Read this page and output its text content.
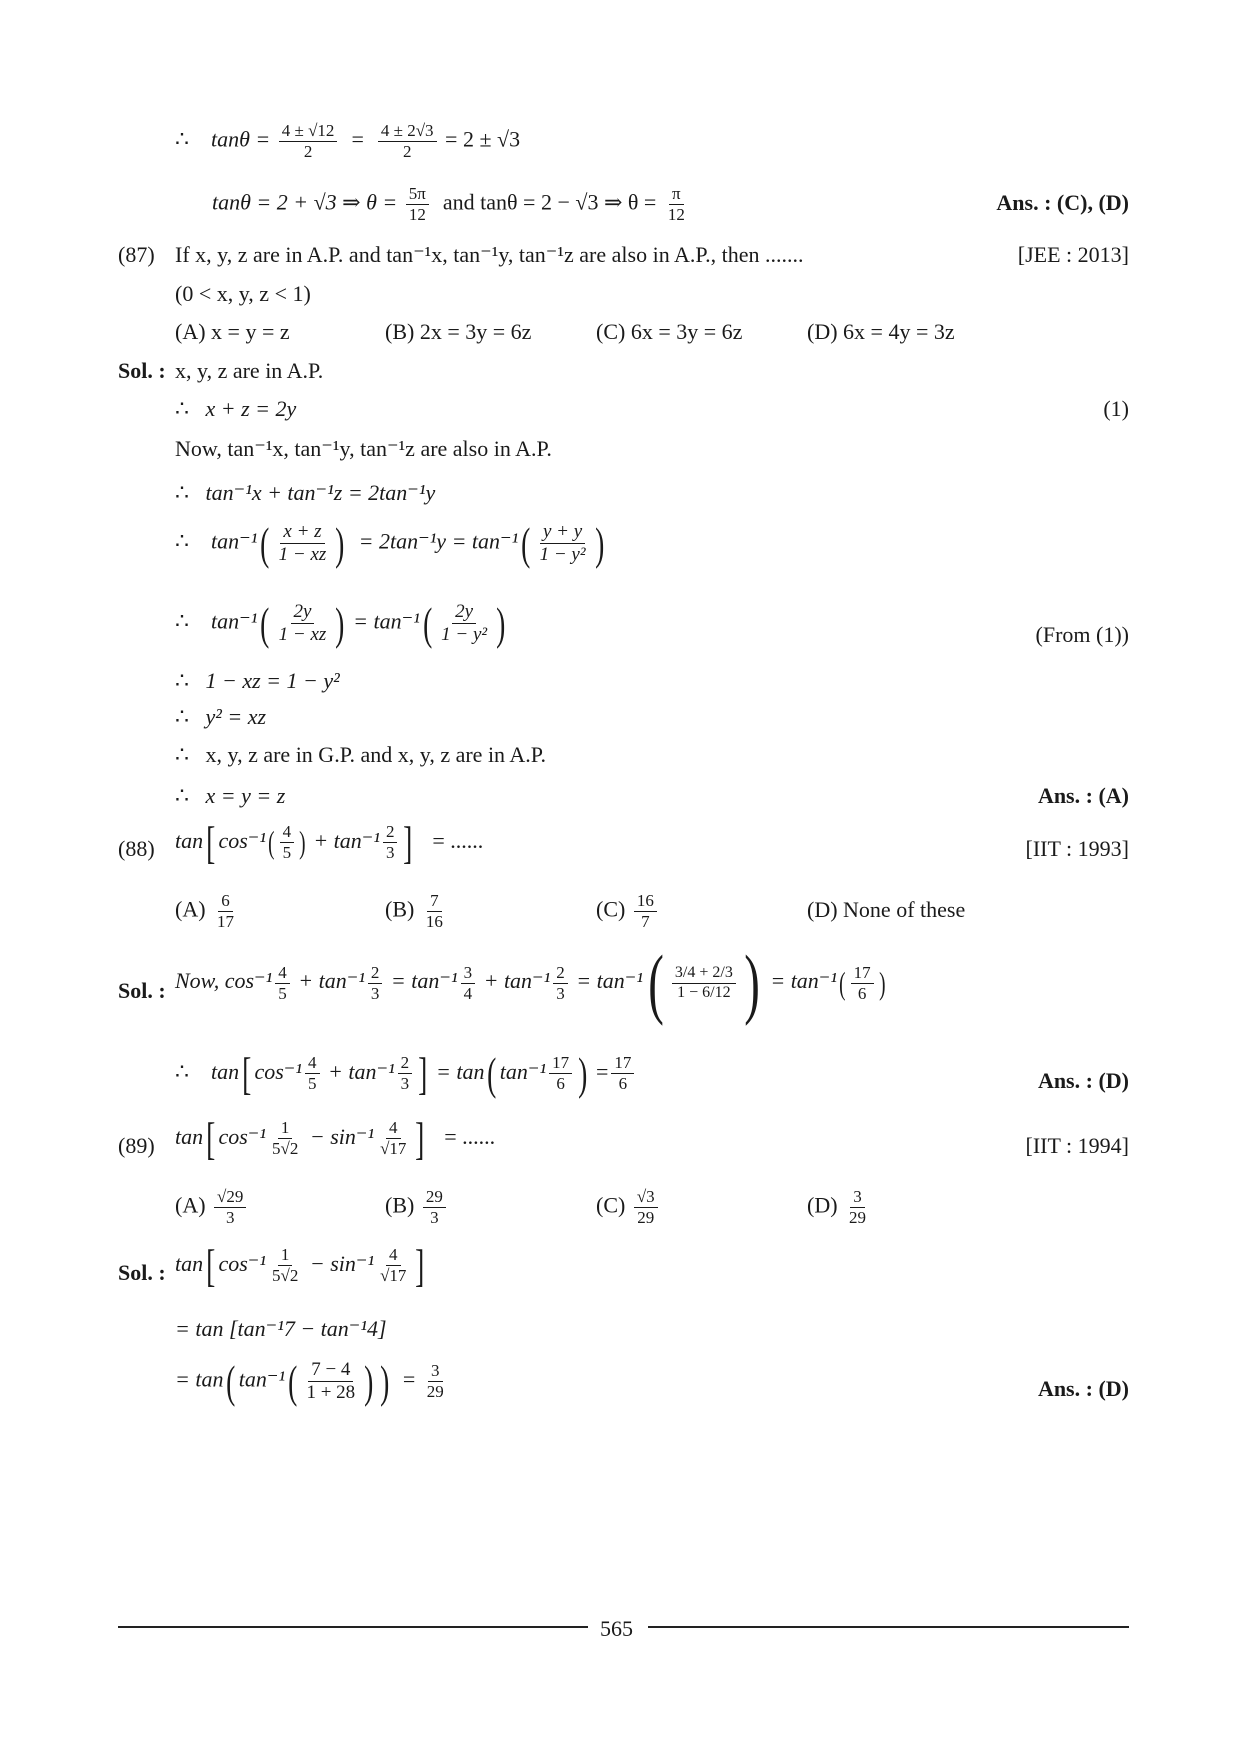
∴ $\tan\theta = \frac{4 \pm √12}{2} = \frac{4 \pm 2√3}{2} = 2 \pm √3$
tanθ = 2 + √3 ⇒ $\theta = \frac{5\pi}{12}$ and tanθ = 2 − √3 ⇒ $\theta = \frac{\pi}{12}$	Ans. : (C), (D)
(87) If x, y, z are in A.P. and tan⁻¹x, tan⁻¹y, tan⁻¹z are also in A.P., then .......	[JEE : 2013]
(0 < x, y, z < 1)
(A) x = y = z	(B) 2x = 3y = 6z	(C) 6x = 3y = 6z	(D) 6x = 4y = 3z
Sol. : x, y, z are in A.P.
∴ x + z = 2y	(1)
Now, tan⁻¹x, tan⁻¹y, tan⁻¹z are also in A.P.
∴ tan⁻¹x + tan⁻¹z = 2tan⁻¹y
∴ $\tan^{-1}( \frac{x + z}{1 - xz}$ ) = $2\tan^{-1}y = \tan^{-1}( \frac{y + y}{\text{1 − y²}}$ )
∴ $\tan^{-1}( \frac{2y}{1 - xz}$ ) = $\tan^{-1}( \frac{2y}{\text{1 − y²}}$ )	(From (1))
∴ 1 − xz = 1 − y²
∴ y² = xz
∴ x, y, z are in G.P. and x, y, z are in A.P.
∴ x = y = z	Ans. : (A)
(88) tan[ $\cos^{-1}( \frac{4}{5}$ ) + $\tan^{-1} \frac{2}{3}$ ] = ......	[IIT : 1993]
$(A) \frac{6}{17}$	$(B) \frac{7}{16}$	$(C) \frac{16}{7}$	(D) None of these
Sol. : Now, $\cos^{-1} \frac{4}{5} + \tan^{-1} \frac{2}{3} = \tan^{-1} \frac{3}{4} + \tan^{-1} \frac{2}{3} = \tan^{-1}( \frac{3/4 + 2/3}{1 - 6/12}$ ) = $\tan^{-1}( \frac{17}{6}$ )
∴ tan[ $\cos^{-1} \frac{4}{5} + \tan^{-1} \frac{2}{3}$ ] = tan( $\tan^{-1} \frac{17}{6}$ ) = $\frac{17}{6}$	Ans. : (D)
(89) tan[ $\cos^{-1} \frac{1}{5√2} - \sin^{-1} \frac{4}{√17}$ ] = ......	[IIT : 1994]
$(A) \frac{√29}{3}$	$(B) \frac{29}{3}$	$(C) \frac{√3}{29}$	$(D) \frac{3}{29}$
Sol. : tan[ $\cos^{-1} \frac{1}{5√2} - \sin^{-1} \frac{4}{√17}$ ]
= tan [tan⁻¹7 − tan⁻¹4]
= tan( $\tan^{-1}( \frac{7 - 4}{1 + 28}$ ) ) = $\frac{3}{29}$	Ans. : (D)
565
